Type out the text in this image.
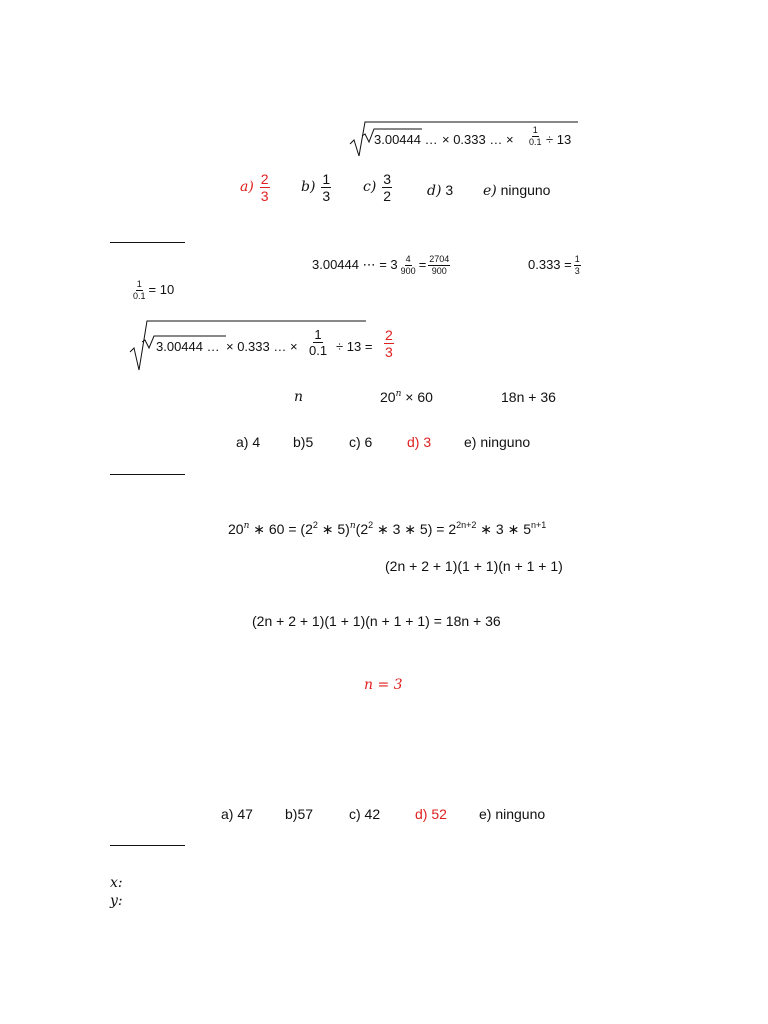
3.00444 … × 0.333 … × $\frac{1}{0.1} \div 13$
$a) \frac{2}{3} b) \frac{1}{3} c) \frac{3}{2}$	d) 3 e) ninguno
3.00444 ⋯ = $3 \frac{4}{900} = \frac{2704}{900}$	$0.333 = \frac{1}{3}$
$\frac{1}{0.1} = 10$
3.00444 … × 0.333 … × $\frac{1}{0.1} \div 13 = \frac{2}{3}$
n	$20^n \times 60$	18n + 36
a) 4 b)5	c) 6 d) 3 e) ninguno
20$^n$ ∗ $60 = (2^2$ ∗ $5)^n(2^2$ ∗ 3 ∗ $5) = 2^{2n+2}$ ∗ 3 ∗ $5^{n+1}$
(2n + 2 + 1)(1 + 1)(n + 1 + 1)
(2n + 2 + 1)(1 + 1)(n + 1 + 1) = 18n + 36
n = 3
a) 47 b)57	c) 42 d) 52 e) ninguno
x:
y:
